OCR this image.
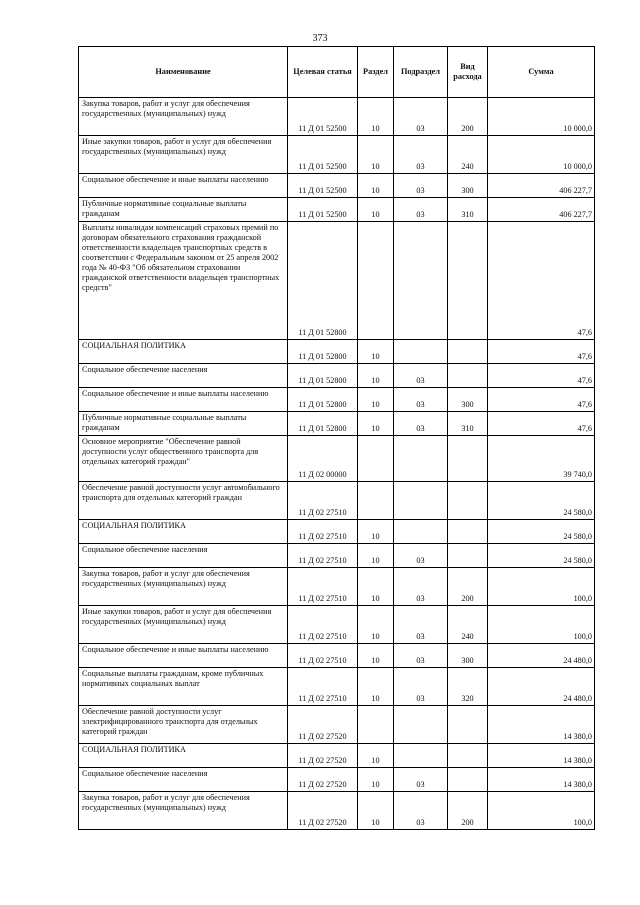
373
Наименование	Целевая статья	Раздел	Подраздел	Вид расхода	Сумма
Закупка товаров, работ и услуг для обеспечения государственных (муниципальных) нужд	11 Д 01 52500	10	03	200	10 000,0
Иные закупки товаров, работ и услуг для обеспечения государственных (муниципальных) нужд	11 Д 01 52500	10	03	240	10 000,0
Социальное обеспечение и иные выплаты населению	11 Д 01 52500	10	03	300	406 227,7
Публичные нормативные социальные выплаты гражданам	11 Д 01 52500	10	03	310	406 227,7
Выплаты инвалидам компенсаций страховых премий по договорам обязательного страхования гражданской ответственности владельцев транспортных средств в соответствии с Федеральным законом от 25 апреля 2002 года № 40-ФЗ "Об обязательном страховании гражданской ответственности владельцев транспортных средств"	11 Д 01 52800				47,6
СОЦИАЛЬНАЯ ПОЛИТИКА	11 Д 01 52800	10			47,6
Социальное обеспечение населения	11 Д 01 52800	10	03		47,6
Социальное обеспечение и иные выплаты населению	11 Д 01 52800	10	03	300	47,6
Публичные нормативные социальные выплаты гражданам	11 Д 01 52800	10	03	310	47,6
Основное мероприятие "Обеспечение равной доступности услуг общественного транспорта для отдельных категорий граждан"	11 Д 02 00000				39 740,0
Обеспечение равной доступности услуг автомобильного транспорта для отдельных категорий граждан	11 Д 02 27510				24 580,0
СОЦИАЛЬНАЯ ПОЛИТИКА	11 Д 02 27510	10			24 580,0
Социальное обеспечение населения	11 Д 02 27510	10	03		24 580,0
Закупка товаров, работ и услуг для обеспечения государственных (муниципальных) нужд	11 Д 02 27510	10	03	200	100,0
Иные закупки товаров, работ и услуг для обеспечения государственных (муниципальных) нужд	11 Д 02 27510	10	03	240	100,0
Социальное обеспечение и иные выплаты населению	11 Д 02 27510	10	03	300	24 480,0
Социальные выплаты гражданам, кроме публичных нормативных социальных выплат	11 Д 02 27510	10	03	320	24 480,0
Обеспечение равной доступности услуг электрифицированного транспорта для отдельных категорий граждан	11 Д 02 27520				14 380,0
СОЦИАЛЬНАЯ ПОЛИТИКА	11 Д 02 27520	10			14 380,0
Социальное обеспечение населения	11 Д 02 27520	10	03		14 380,0
Закупка товаров, работ и услуг для обеспечения государственных (муниципальных) нужд	11 Д 02 27520	10	03	200	100,0
